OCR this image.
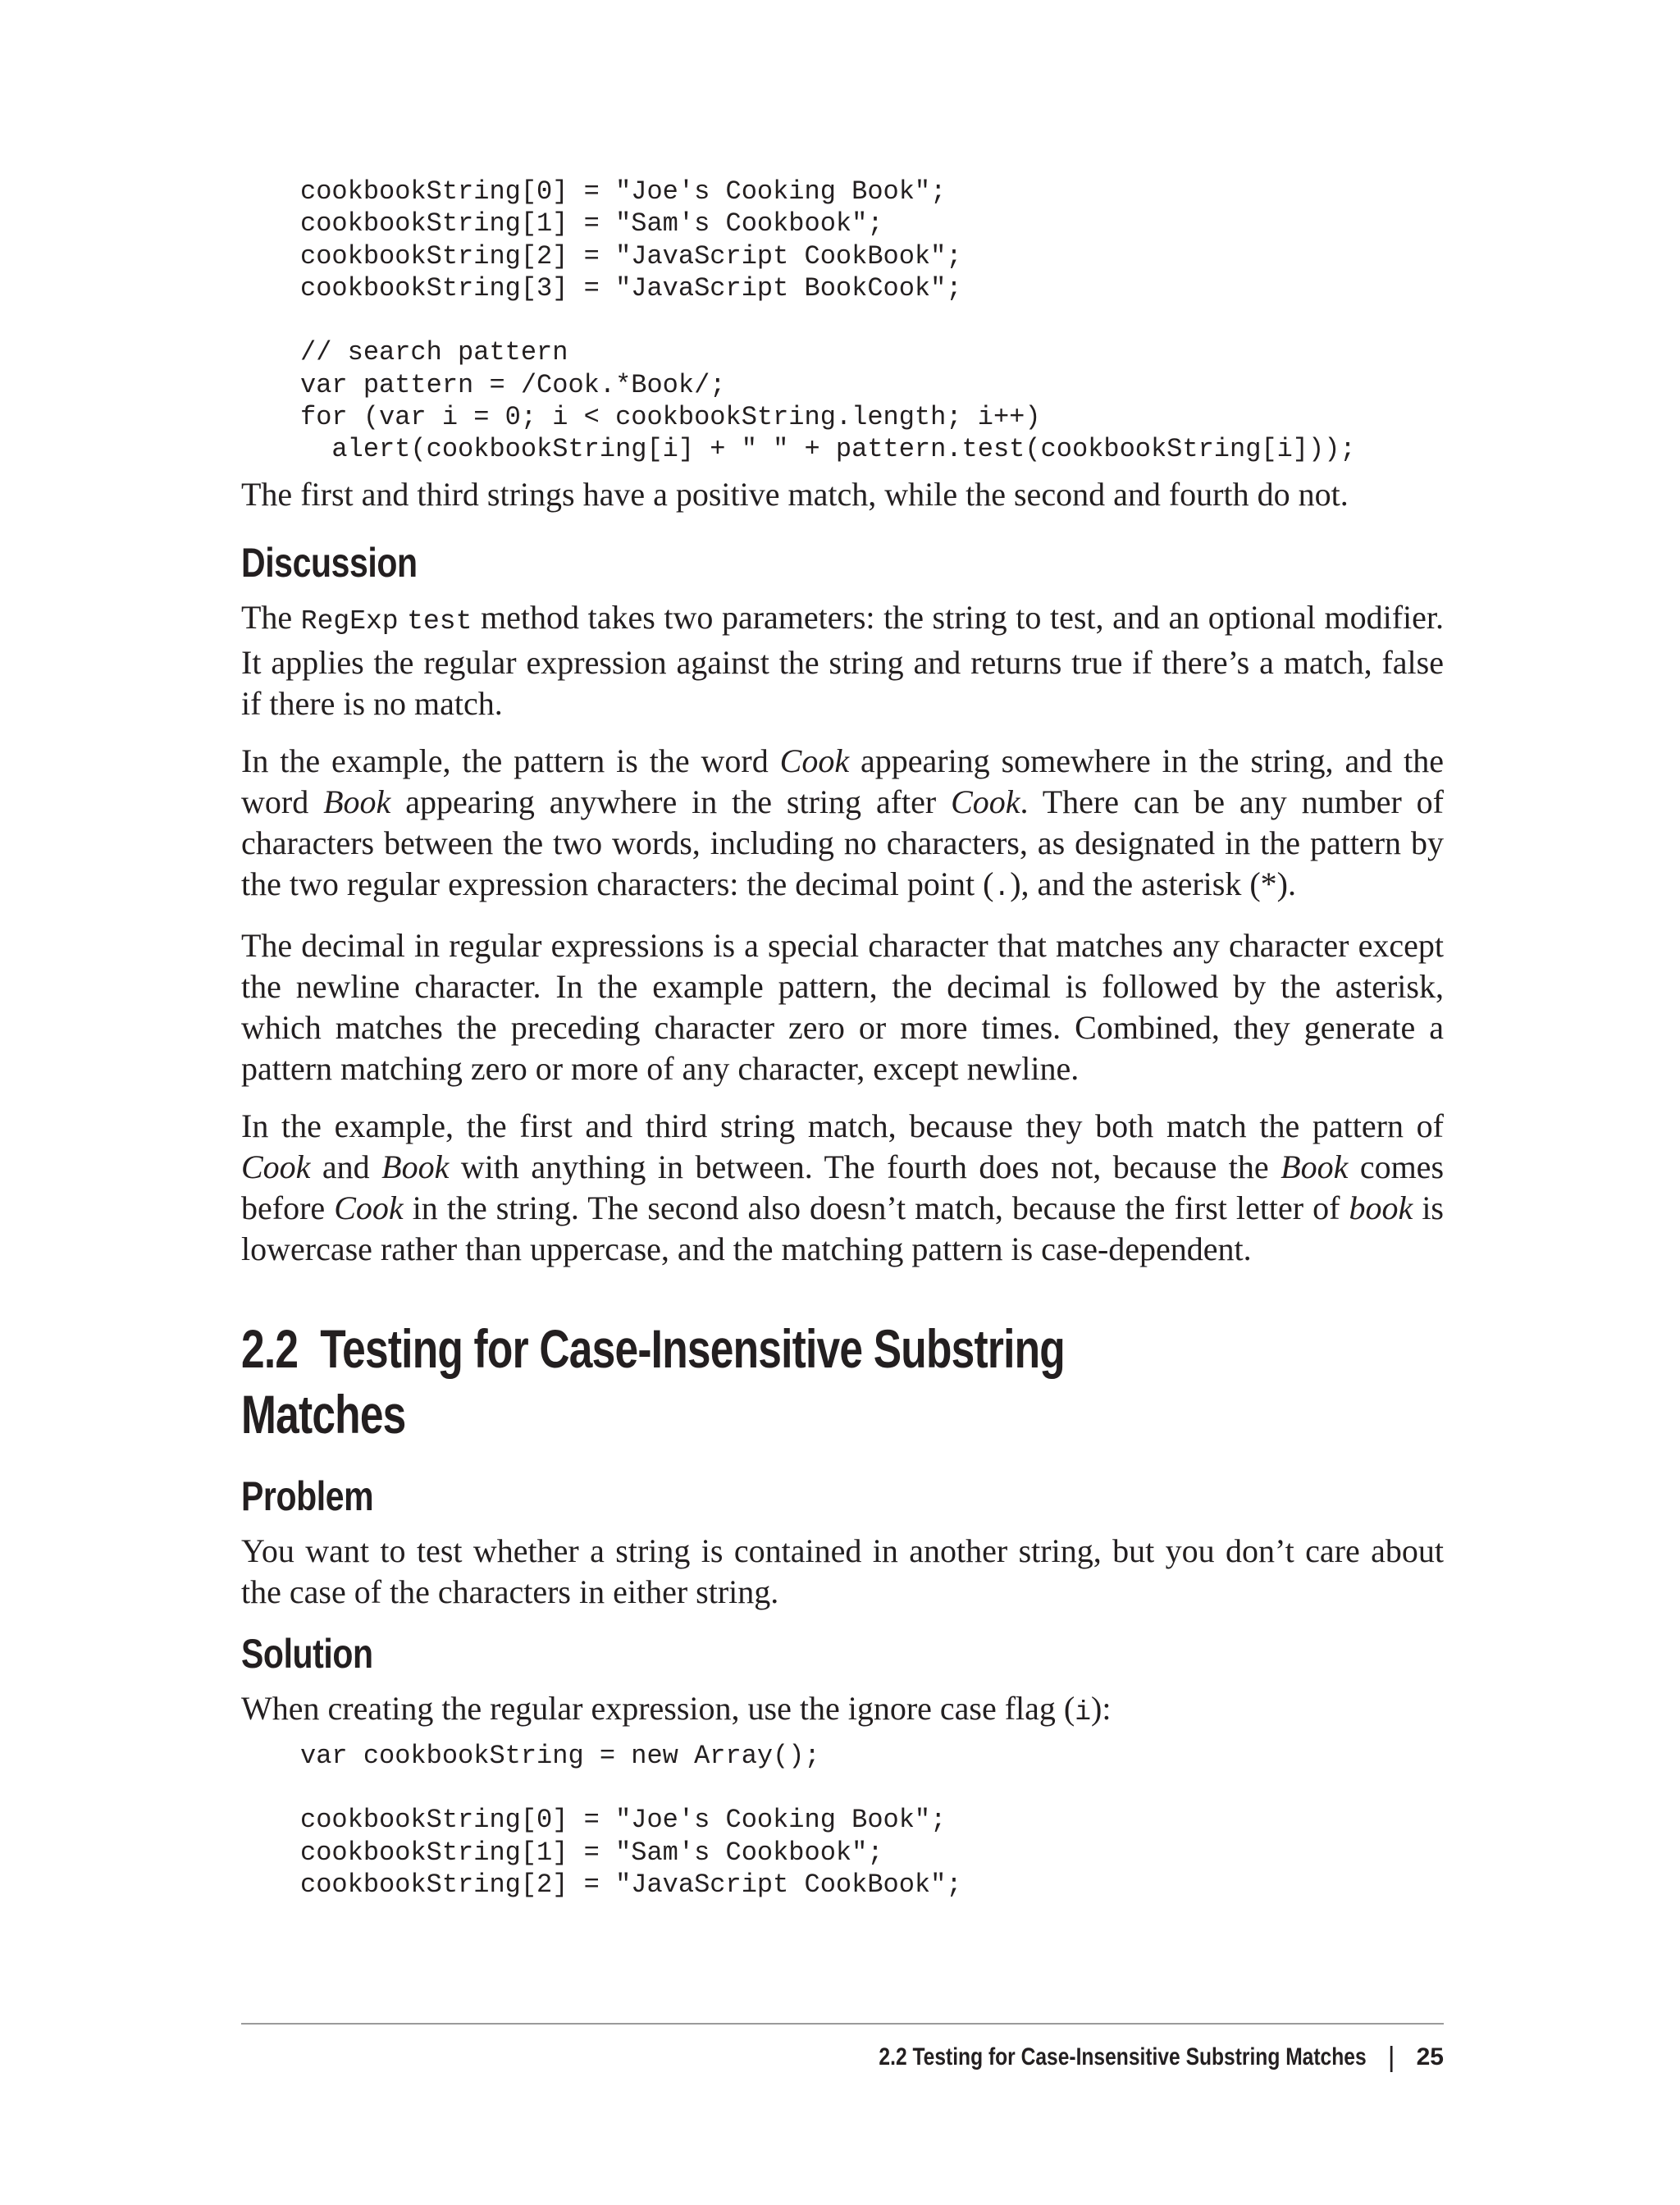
cookbookString[0] = "Joe's Cooking Book";
cookbookString[1] = "Sam's Cookbook";
cookbookString[2] = "JavaScript CookBook";
cookbookString[3] = "JavaScript BookCook";

// search pattern
var pattern = /Cook.*Book/;
for (var i = 0; i < cookbookString.length; i++)
alert(cookbookString[i] + " " + pattern.test(cookbookString[i]));

The first and third strings have a positive match, while the second and fourth do not.

Discussion

The RegExp test method takes two parameters: the string to test, and an optional modifier. It applies the regular expression against the string and returns true if there’s a match, false if there is no match.

In the example, the pattern is the word Cook appearing somewhere in the string, and the word Book appearing anywhere in the string after Cook. There can be any number of characters between the two words, including no characters, as designated in the pattern by the two regular expression characters: the decimal point (.), and the asterisk (*).

The decimal in regular expressions is a special character that matches any character except the newline character. In the example pattern, the decimal is followed by the asterisk, which matches the preceding character zero or more times. Combined, they generate a pattern matching zero or more of any character, except newline.

In the example, the first and third string match, because they both match the pattern of Cook and Book with anything in between. The fourth does not, because the Book comes before Cook in the string. The second also doesn’t match, because the first letter of book is lowercase rather than uppercase, and the matching pattern is case-dependent.

2.2  Testing for Case-Insensitive Substring Matches
Problem

You want to test whether a string is contained in another string, but you don’t care about the case of the characters in either string.

Solution

When creating the regular expression, use the ignore case flag (i):

var cookbookString = new Array();

cookbookString[0] = "Joe's Cooking Book";
cookbookString[1] = "Sam's Cookbook";
cookbookString[2] = "JavaScript CookBook";
2.2 Testing for Case-Insensitive Substring Matches | 25
